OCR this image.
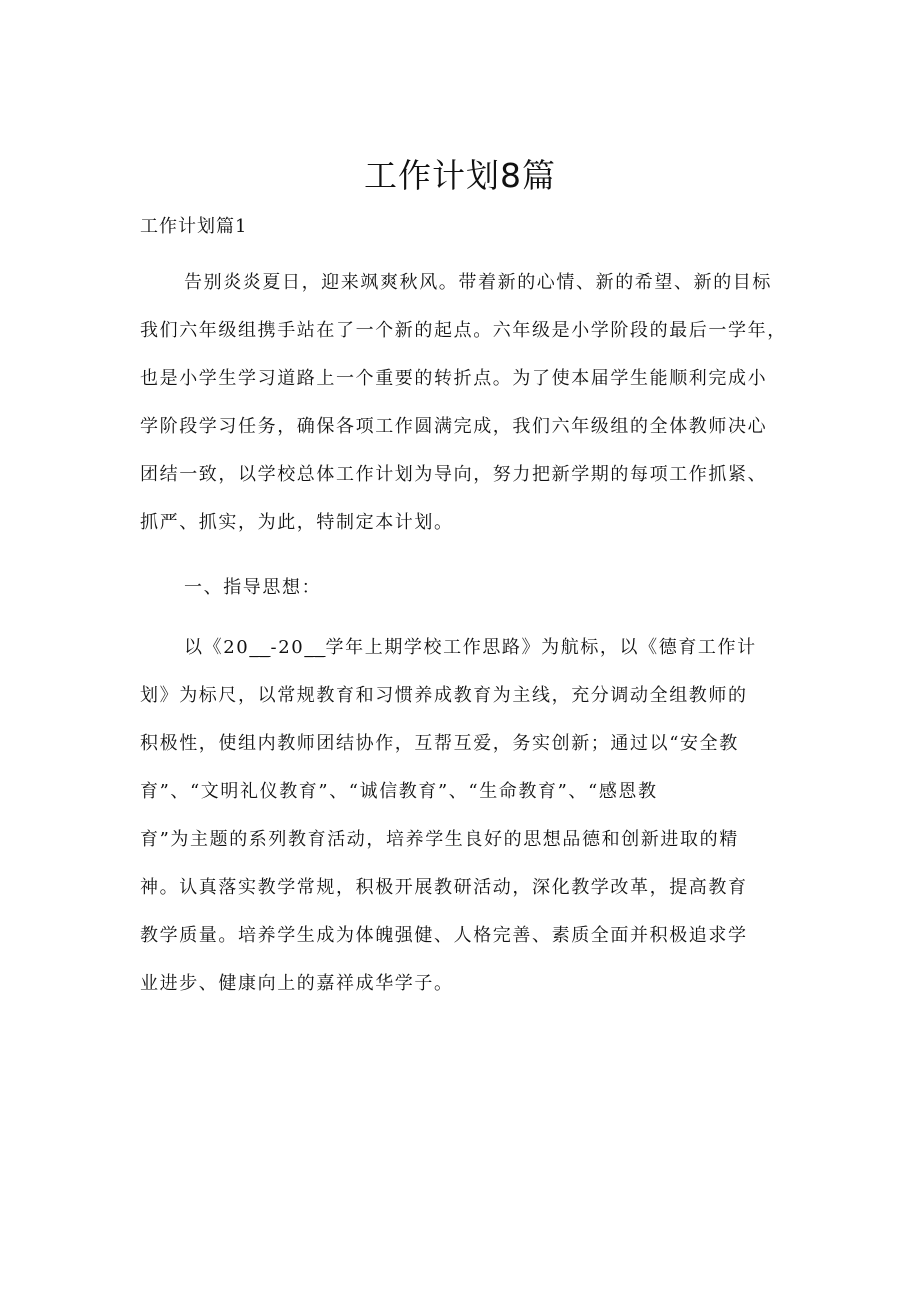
工作计划8篇

工作计划篇1

告别炎炎夏日，迎来飒爽秋风。带着新的心情、新的希望、新的目标
我们六年级组携手站在了一个新的起点。六年级是小学阶段的最后一学年，
也是小学生学习道路上一个重要的转折点。为了使本届学生能顺利完成小
学阶段学习任务，确保各项工作圆满完成，我们六年级组的全体教师决心
团结一致，以学校总体工作计划为导向，努力把新学期的每项工作抓紧、
抓严、抓实，为此，特制定本计划。
一、指导思想：
以《20__-20__学年上期学校工作思路》为航标，以《德育工作计
划》为标尺，以常规教育和习惯养成教育为主线，充分调动全组教师的
积极性，使组内教师团结协作，互帮互爱，务实创新；通过以“安全教
育”、“文明礼仪教育”、“诚信教育”、“生命教育”、“感恩教
育”为主题的系列教育活动，培养学生良好的思想品德和创新进取的精
神。认真落实教学常规，积极开展教研活动，深化教学改革，提高教育
教学质量。培养学生成为体魄强健、人格完善、素质全面并积极追求学
业进步、健康向上的嘉祥成华学子。
